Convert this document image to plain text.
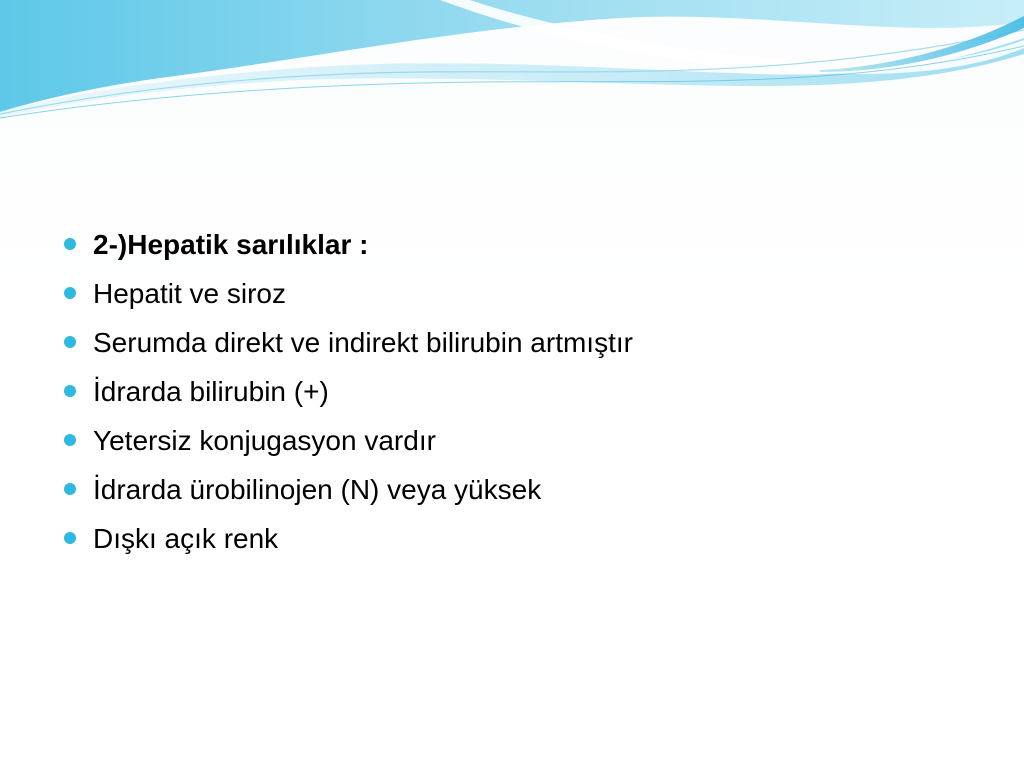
2-)Hepatik sarılıklar :
Hepatit ve siroz
Serumda direkt ve indirekt bilirubin artmıştır
İdrarda bilirubin (+)
Yetersiz konjugasyon vardır
İdrarda ürobilinojen (N) veya yüksek
Dışkı açık renk
